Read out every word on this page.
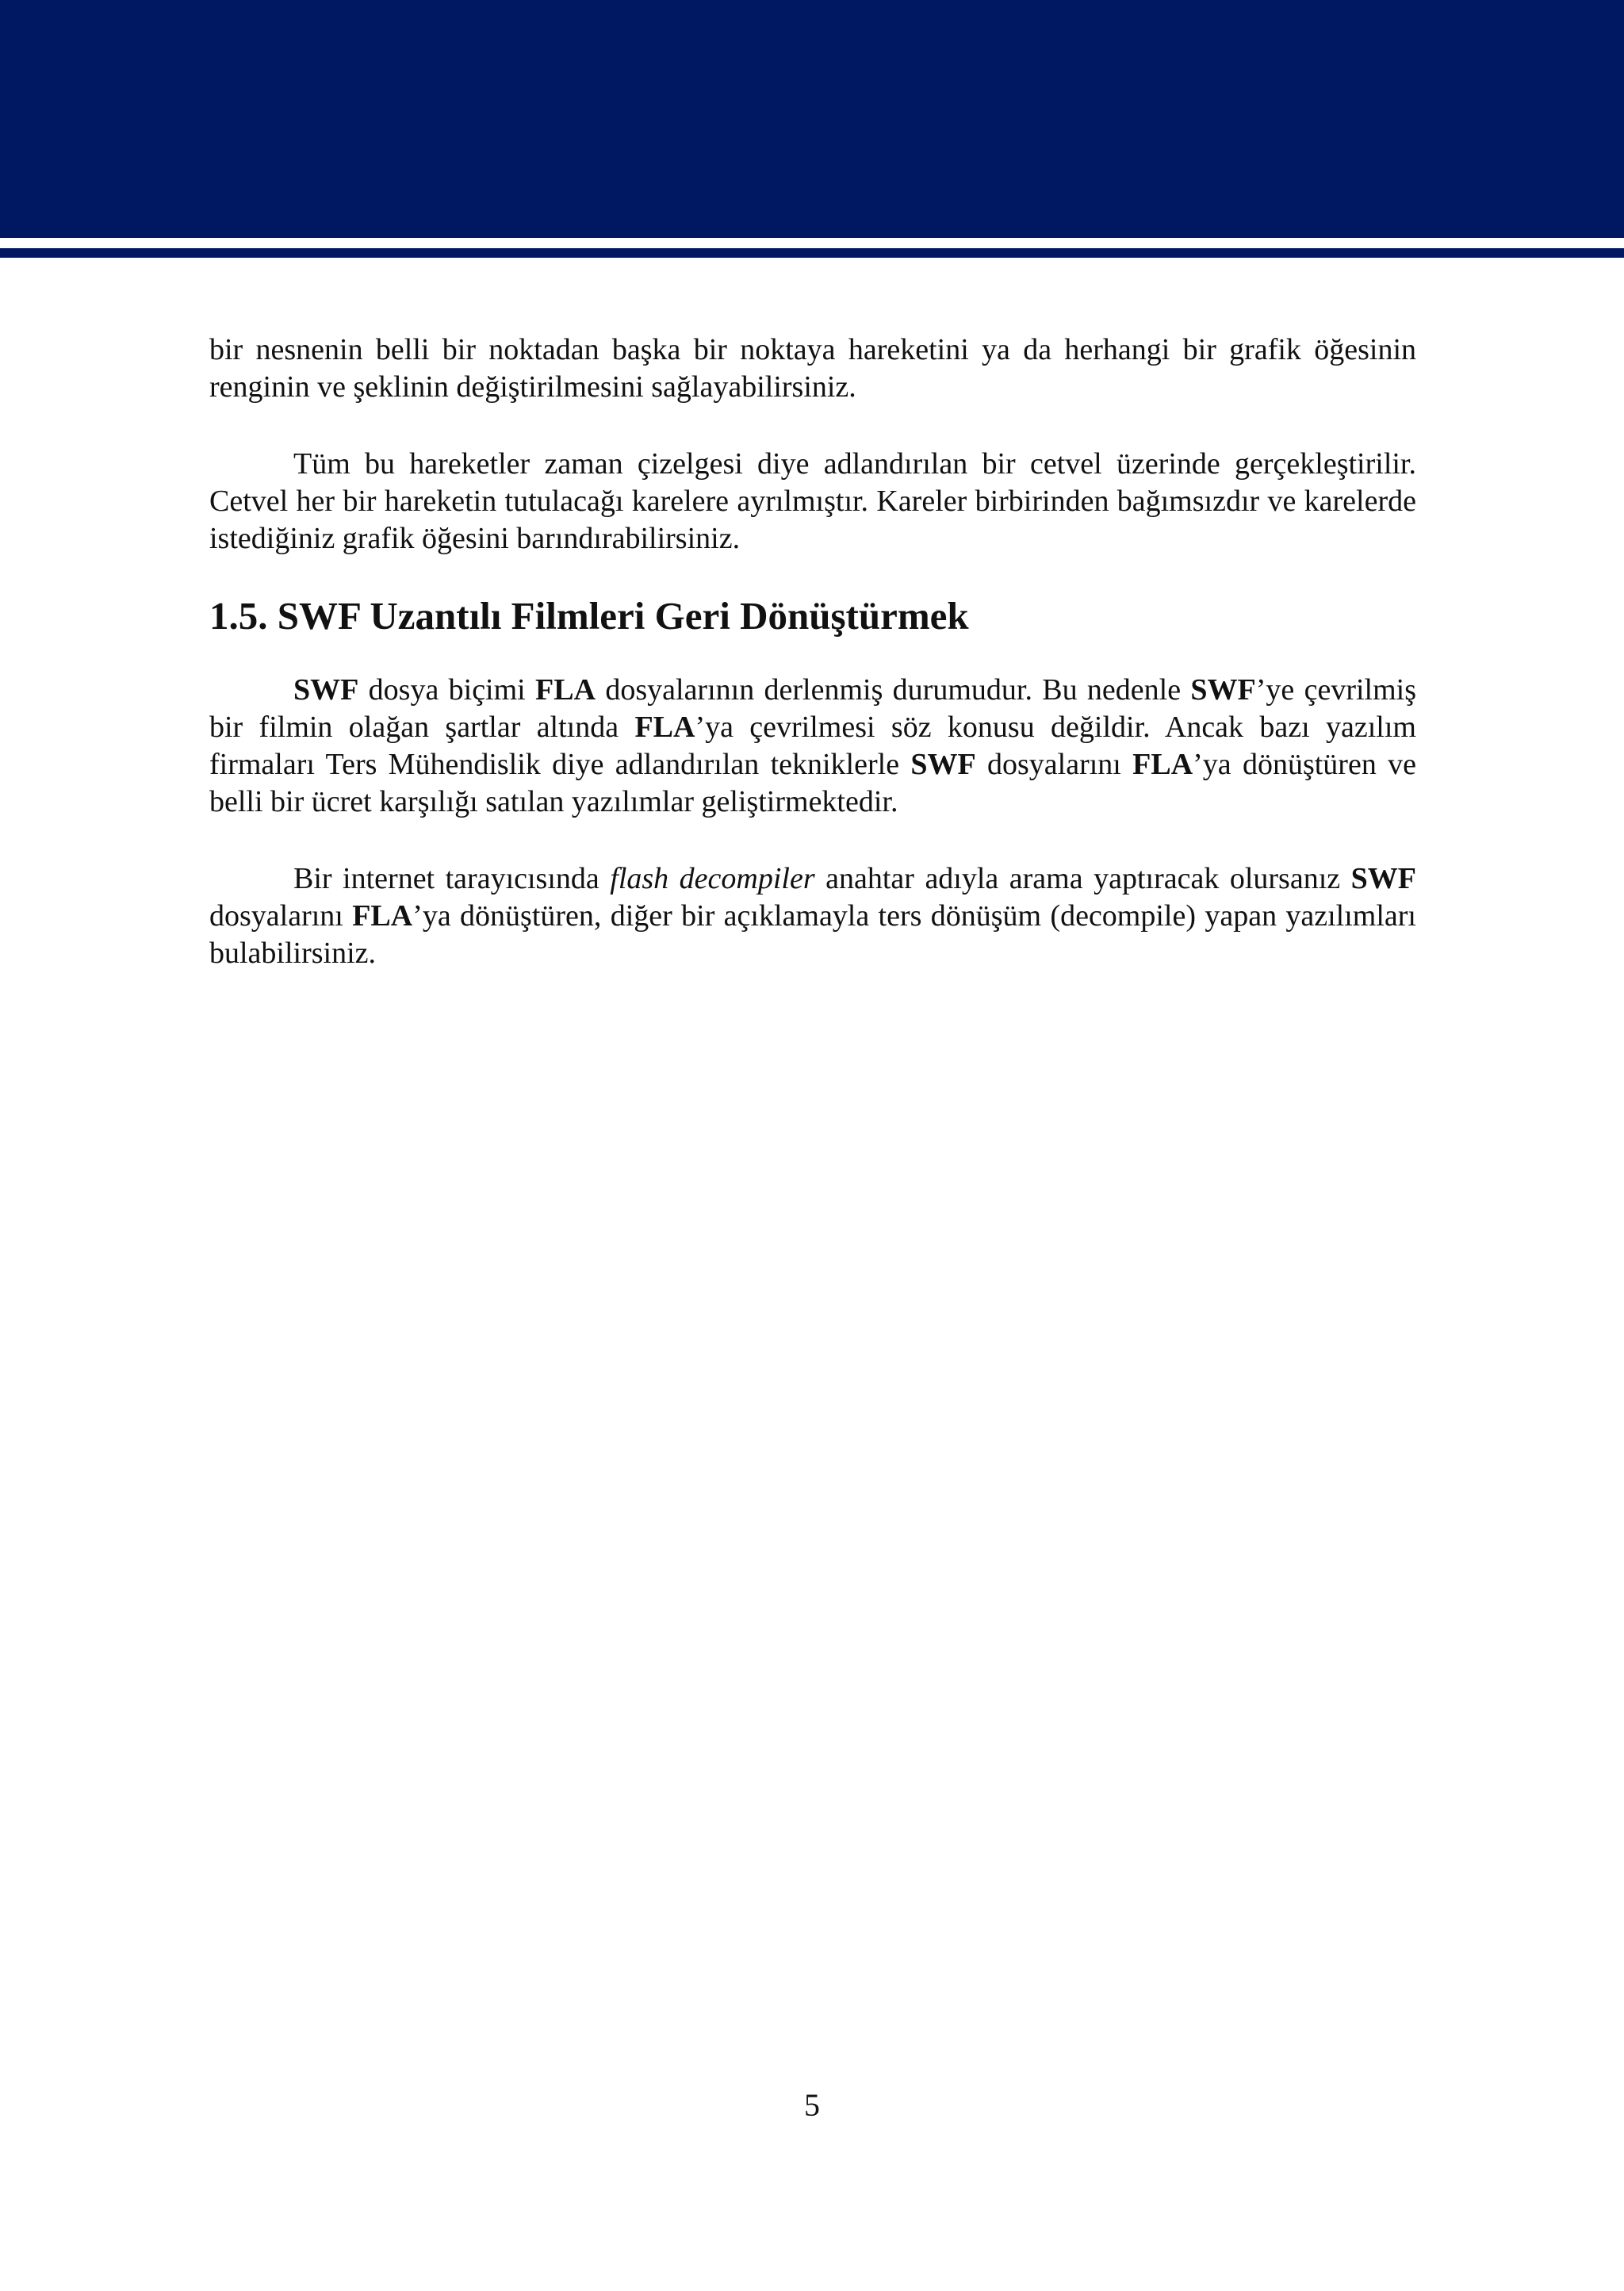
bir nesnenin belli bir noktadan başka bir noktaya hareketini ya da herhangi bir grafik öğesinin renginin ve şeklinin değiştirilmesini sağlayabilirsiniz.

Tüm bu hareketler zaman çizelgesi diye adlandırılan bir cetvel üzerinde gerçekleştirilir. Cetvel her bir hareketin tutulacağı karelere ayrılmıştır. Kareler birbirinden bağımsızdır ve karelerde istediğiniz grafik öğesini barındırabilirsiniz.

1.5. SWF Uzantılı Filmleri Geri Dönüştürmek

SWF dosya biçimi FLA dosyalarının derlenmiş durumudur. Bu nedenle SWF’ye çevrilmiş bir filmin olağan şartlar altında FLA’ya çevrilmesi söz konusu değildir. Ancak bazı yazılım firmaları Ters Mühendislik diye adlandırılan tekniklerle SWF dosyalarını FLA’ya dönüştüren ve belli bir ücret karşılığı satılan yazılımlar geliştirmektedir.

Bir internet tarayıcısında flash decompiler anahtar adıyla arama yaptıracak olursanız SWF dosyalarını FLA’ya dönüştüren, diğer bir açıklamayla ters dönüşüm (decompile) yapan yazılımları bulabilirsiniz.

5
